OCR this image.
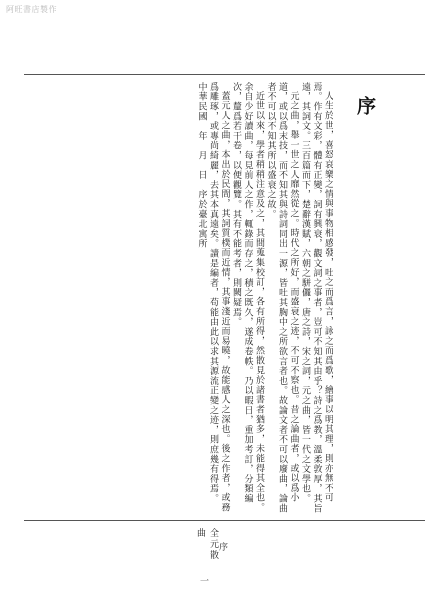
阿旺書店製作
序

人生於世，喜怒哀樂之情與事物相感發，吐之而爲言，詠之而爲歌，繪事以明其理，則亦無不可焉。作有文彩，體有正變，詞有興衰，觀文詞之事者，豈可不知其由乎？詩之爲教，溫柔敦厚，其旨遠，其詞文。三百篇而下，楚辭漢賦，六朝之駢儷，唐之詩，宋之詞，元之曲，皆一代之文學也。

元之曲，舉一世之人靡然從之。時代之所好，而盛衰之迹，不可不察也。昔之論曲者，或以爲小道，或以爲末技，而不知其與詩詞同出一源，皆吐其胸中之所欲言者也。故論文者不可以廢曲，論曲者不可以不知其所以盛衰之故。

近世以來，學者稍稍注意及之，其間蒐集校訂，各有所得，然散見於諸書者猶多，未能得其全也。余自少好讀曲，每見前人之作，輒錄而存之，積之既久，遂成卷帙。乃以暇日，重加考訂，分類編次，釐爲若干卷，以便觀覽。其有不能考者，則闕疑焉。

蓋元人之曲，本出於民間，其詞質樸而近情，其事淺近而易曉，故能感人之深也。後之作者，或務爲雕琢，或專尚綺麗，去其本真遠矣。讀是編者，苟能由此以求其源流正變之迹，則庶幾有得焉。

中華民國　年　月　日　序於臺北寓所

全元散曲
序
一
